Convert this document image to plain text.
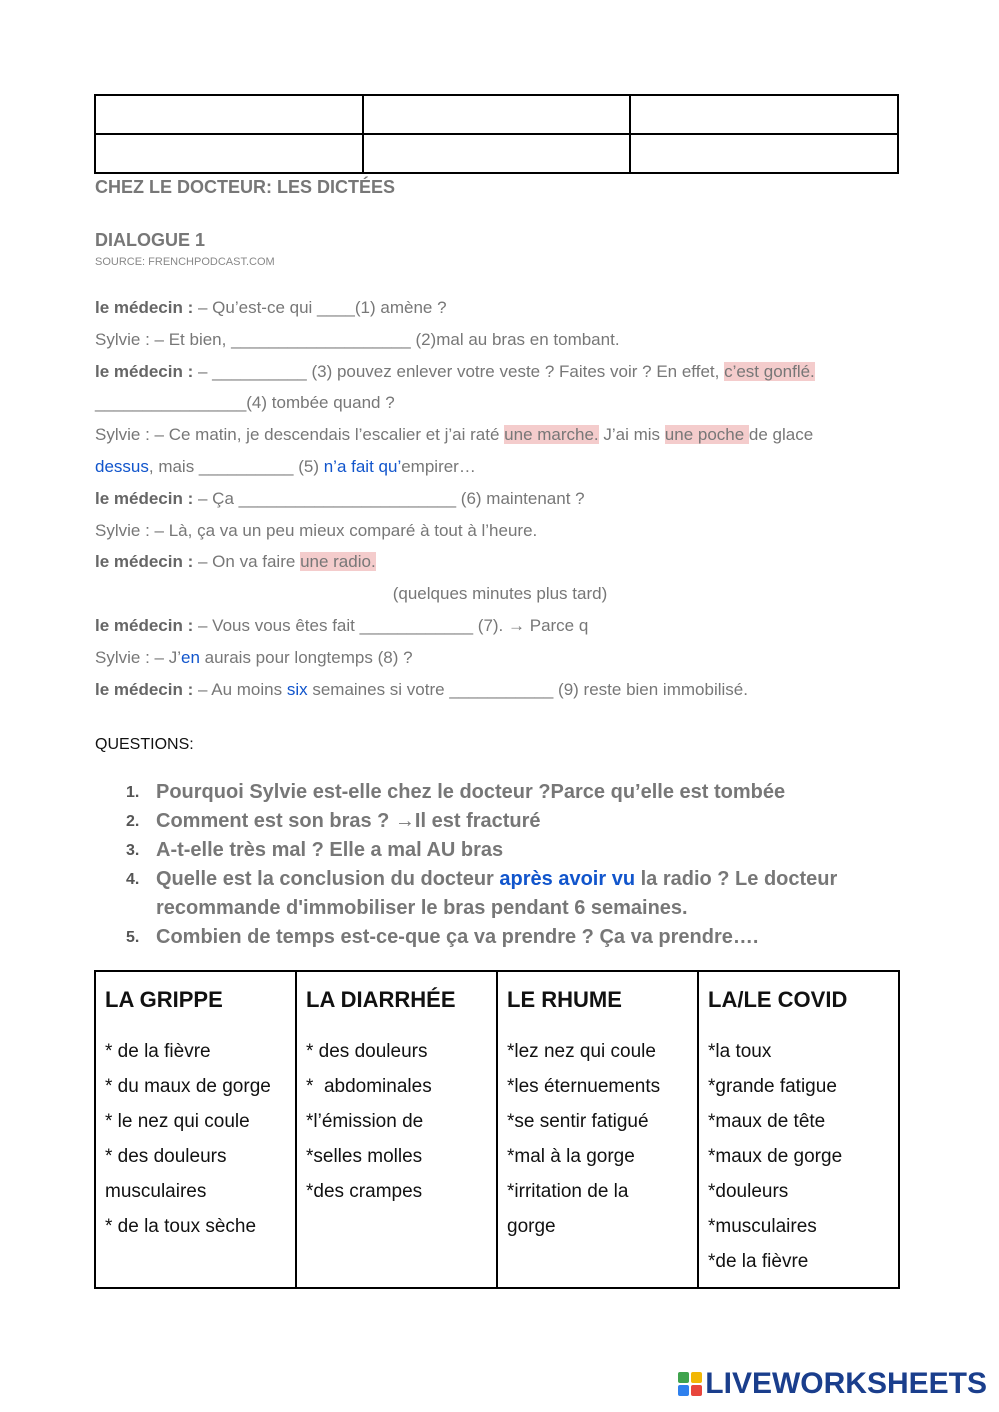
CHEZ LE DOCTEUR: LES DICTÉES
DIALOGUE 1

SOURCE: FRENCHPODCAST.COM

le médecin : – Qu’est-ce qui ____(1) amène ?
Sylvie : – Et bien, ___________________ (2)mal au bras en tombant.
le médecin : – __________ (3) pouvez enlever votre veste ? Faites voir ? En effet, c’est gonflé.
________________(4) tombée quand ?
Sylvie : – Ce matin, je descendais l’escalier et j’ai raté une marche. J’ai mis une poche de glace
dessus, mais __________ (5) n’a fait qu’empirer…
le médecin : – Ça _______________________ (6) maintenant ?
Sylvie : – Là, ça va un peu mieux comparé à tout à l’heure.
le médecin : – On va faire une radio.
(quelques minutes plus tard)
le médecin : – Vous vous êtes fait ____________ (7). → Parce q
Sylvie : – J’en aurais pour longtemps (8) ?
le médecin : – Au moins six semaines si votre ___________ (9) reste bien immobilisé.

QUESTIONS:

1. Pourquoi Sylvie est-elle chez le docteur ?Parce qu’elle est tombée
2. Comment est son bras ? →Il est fracturé
3. A-t-elle très mal ? Elle a mal AU bras
4. Quelle est la conclusion du docteur après avoir vu la radio ? Le docteur recommande d'immobiliser le bras pendant 6 semaines.
5. Combien de temps est-ce-que ça va prendre ? Ça va prendre….
LA GRIPPE
* de la fièvre
* du maux de gorge
* le nez qui coule
* des douleurs
musculaires
* de la toux sèche

LA DIARRHÉE
* des douleurs
*  abdominales
*l’émission de
*selles molles
*des crampes

LE RHUME
*lez nez qui coule
*les éternuements
*se sentir fatigué
*mal à la gorge
*irritation de la
gorge

LA/LE COVID
*la toux
*grande fatigue
*maux de tête
*maux de gorge
*douleurs
*musculaires
*de la fièvre
LIVEWORKSHEETS
